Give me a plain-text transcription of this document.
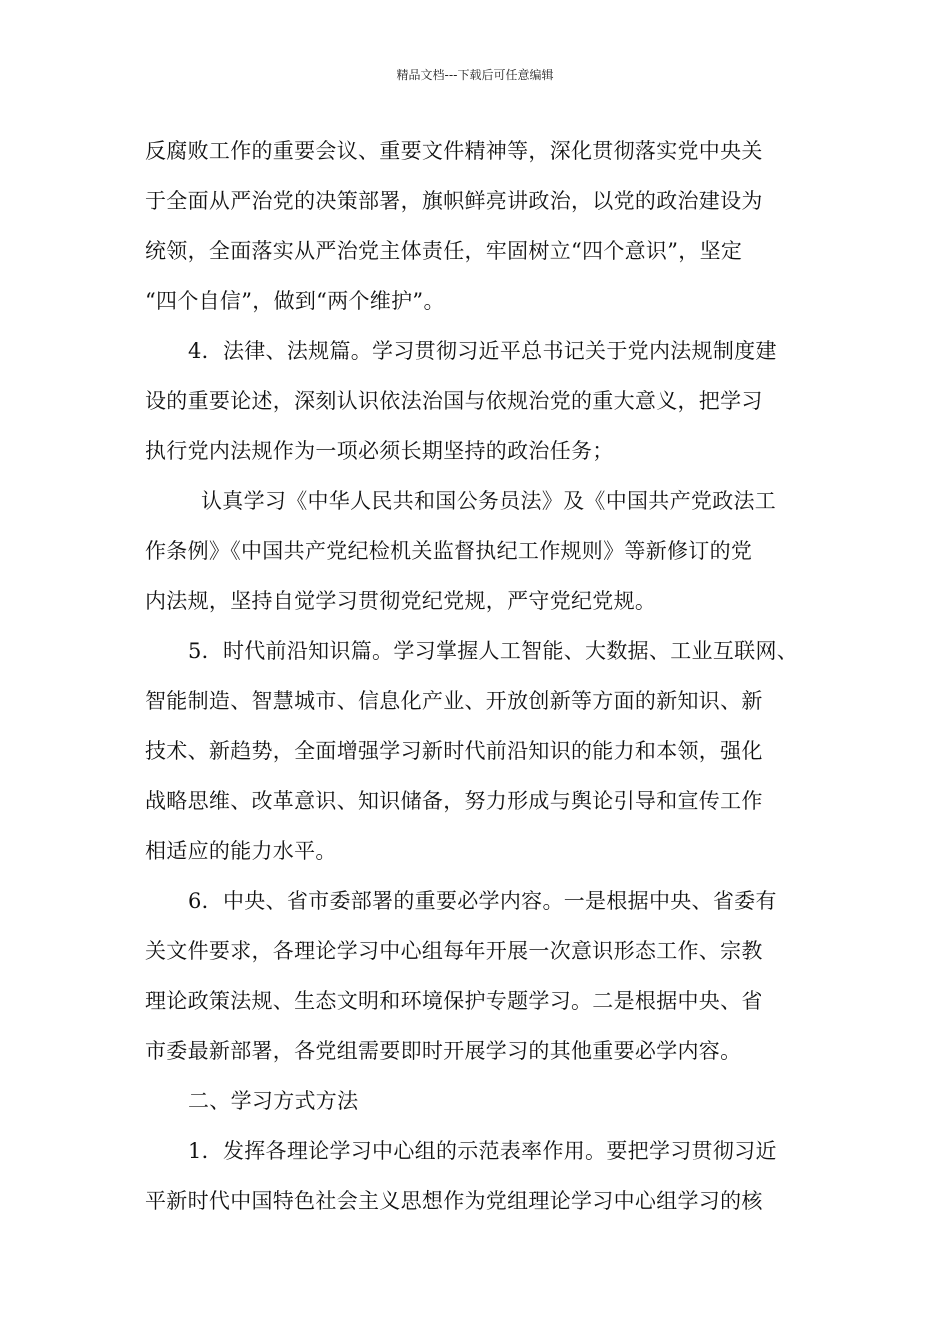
精品文档---下载后可任意编辑
反腐败工作的重要会议、重要文件精神等，深化贯彻落实党中央关
于全面从严治党的决策部署，旗帜鲜亮讲政治，以党的政治建设为
统领，全面落实从严治党主体责任，牢固树立“四个意识”，坚定
“四个自信”，做到“两个维护”。
4．法律、法规篇。学习贯彻习近平总书记关于党内法规制度建
设的重要论述，深刻认识依法治国与依规治党的重大意义，把学习
执行党内法规作为一项必须长期坚持的政治任务；
认真学习《中华人民共和国公务员法》及《中国共产党政法工
作条例》《中国共产党纪检机关监督执纪工作规则》等新修订的党
内法规，坚持自觉学习贯彻党纪党规，严守党纪党规。
5．时代前沿知识篇。学习掌握人工智能、大数据、工业互联网、
智能制造、智慧城市、信息化产业、开放创新等方面的新知识、新
技术、新趋势，全面增强学习新时代前沿知识的能力和本领，强化
战略思维、改革意识、知识储备，努力形成与舆论引导和宣传工作
相适应的能力水平。
6．中央、省市委部署的重要必学内容。一是根据中央、省委有
关文件要求，各理论学习中心组每年开展一次意识形态工作、宗教
理论政策法规、生态文明和环境保护专题学习。二是根据中央、省
市委最新部署，各党组需要即时开展学习的其他重要必学内容。
二、学习方式方法
1．发挥各理论学习中心组的示范表率作用。要把学习贯彻习近
平新时代中国特色社会主义思想作为党组理论学习中心组学习的核
